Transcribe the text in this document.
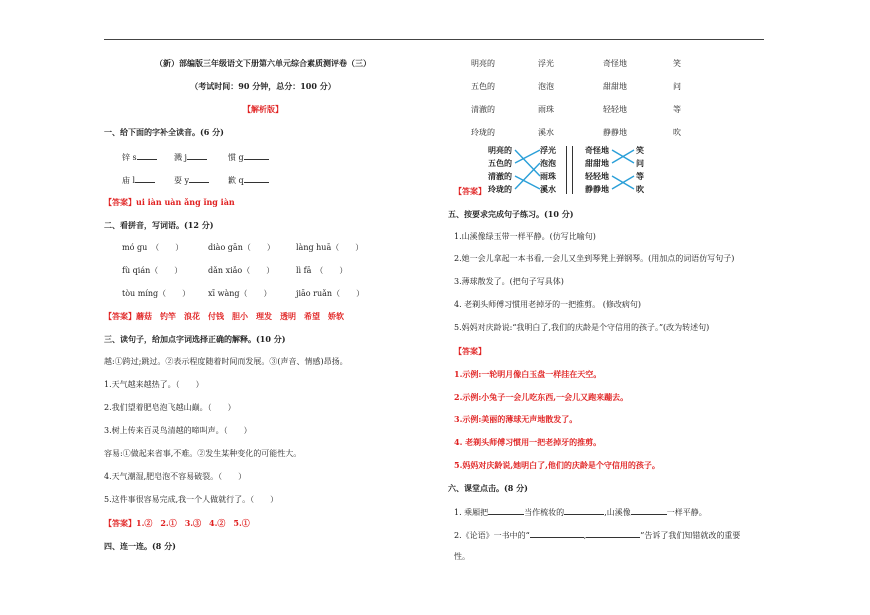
（新）部编版三年级语文下册第六单元综合素质测评卷（三）
（考试时间：90 分钟，总分：100 分）
【解析版】
一、给下面的字补全读音。(6 分)
锌 s	溅 j	惯 g
庙 l	耍 y	歉 q
【答案】ui iàn uàn ǎng ǐng iàn
二、看拼音，写词语。(12 分)
mó gu　（　　）	diào gān（　　）	làng huā（　　）
fù qián（　　）	dǎn xiǎo（　　）	lì fā　（　　）
tòu míng（　　） xī wàng（　　）	jiāo ruǎn（　　）
【答案】蘑菇　钓竿　浪花　付钱　胆小　理发　透明　希望　娇软
三、读句子，给加点字词选择正确的解释。(10 分)
越:①跨过;跳过。②表示程度随着时间而发展。③(声音、情感)昂扬。
1.天气越来越热了。（　　）
2.我们望着肥皂泡飞越山巅。（　　）
3.树上传来百灵鸟清越的啼叫声。（　　）
容易:①做起来省事,不难。②发生某种变化的可能性大。
4.天气潮湿,肥皂泡不容易破裂。（　　）
5.这件事很容易完成,我一个人做就行了。（　　）
【答案】1.②　2.①　3.③　4.②　5.①
四、连一连。(8 分)
明亮的	浮光	奇怪地	笑
五色的	泡泡	甜甜地	问
清澈的	雨珠	轻轻地	等
玲珑的	溪水	静静地	吹
明亮的
五色的
清澈的
玲珑的
浮光
泡泡
雨珠
溪水
奇怪地
甜甜地
轻轻地
静静地
笑
问
等
吹
【答案】
五、按要求完成句子练习。(10 分)
1.山溪像绿玉带一样平静。(仿写比喻句)
2.她一会儿拿起一本书看,一会儿又坐到琴凳上弹钢琴。(用加点的词语仿写句子)
3.薄球散发了。(把句子写具体)
4. 老剃头师傅习惯用老掉牙的一把推剪。 (修改病句)
5.妈妈对庆龄说:“我明白了,我们的庆龄是个守信用的孩子。”(改为转述句)
【答案】
1.示例:一轮明月像白玉盘一样挂在天空。
2.示例:小兔子一会儿吃东西,一会儿又跑来蹦去。
3.示例:美丽的薄球无声地散发了。
4. 老剃头师傅习惯用一把老掉牙的推剪。
5.妈妈对庆龄说,她明白了,他们的庆龄是个守信用的孩子。
六、课堂点击。(8 分)
1. 乘厢把	当作梳妆的	,山溪像	一样平静。
2.《论语》一书中的“	,	”告诉了我们知错就改的重要
性。
